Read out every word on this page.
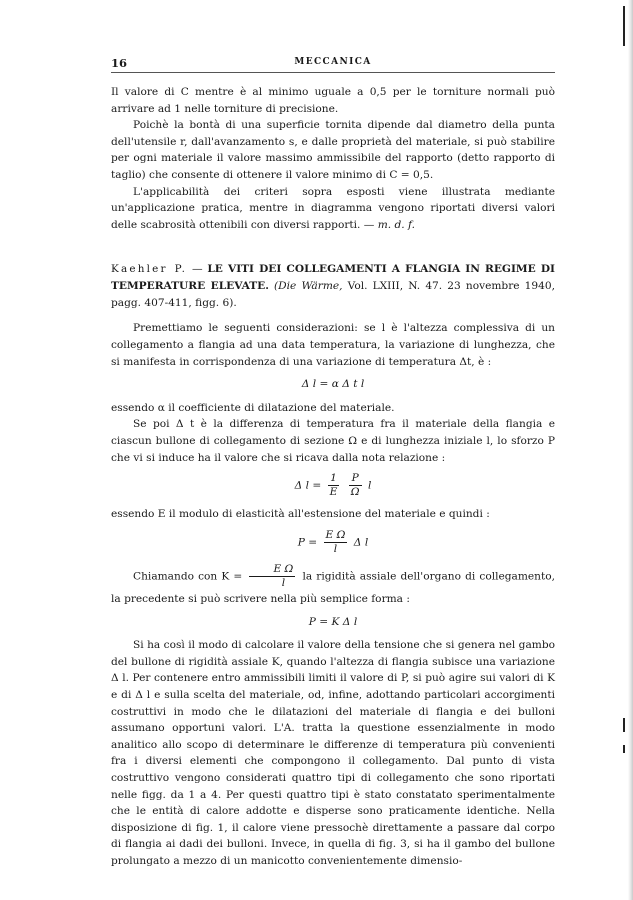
16	MECCANICA

Il valore di C mentre è al minimo uguale a 0,5 per le torniture normali può arrivare ad 1 nelle torniture di precisione.

Poichè la bontà di una superficie tornita dipende dal diametro della punta dell'utensile r, dall'avanzamento s, e dalle proprietà del materiale, si può stabilire per ogni materiale il valore massimo ammissibile del rapporto (detto rapporto di taglio) che consente di ottenere il valore minimo di C = 0,5.

L'applicabilità dei criteri sopra esposti viene illustrata mediante un'applicazione pratica, mentre in diagramma vengono riportati diversi valori delle scabrosità ottenibili con diversi rapporti. — m. d. f.

Kaehler P. — LE VITI DEI COLLEGAMENTI A FLANGIA IN REGIME DI TEMPERATURE ELEVATE. (Die Wärme, Vol. LXIII, N. 47. 23 novembre 1940, pagg. 407-411, figg. 6).

Premettiamo le seguenti considerazioni: se l è l'altezza complessiva di un collegamento a flangia ad una data temperatura, la variazione di lunghezza, che si manifesta in corrispondenza di una variazione di temperatura Δt, è :

Δ l = α Δ t l

essendo α il coefficiente di dilatazione del materiale.

Se poi Δ t è la differenza di temperatura fra il materiale della flangia e ciascun bullone di collegamento di sezione Ω e di lunghezza iniziale l, lo sforzo P che vi si induce ha il valore che si ricava dalla nota relazione :

Δ $l = \frac{1}{E}$
$\frac{P}{\Omega}$ l

essendo E il modulo di elasticità all'estensione del materiale e quindi :

$P = \frac{\text{E Ω}}{l}$ Δ l

Chiamando con $K = \frac{\text{E Ω}}{l}$ la rigidità assiale dell'organo di collegamento, la precedente si può scrivere nella più semplice forma :

P = K Δ l

Si ha così il modo di calcolare il valore della tensione che si genera nel gambo del bullone di rigidità assiale K, quando l'altezza di flangia subisce una variazione Δ l. Per contenere entro ammissibili limiti il valore di P, si può agire sui valori di K e di Δ l e sulla scelta del materiale, od, infine, adottando particolari accorgimenti costruttivi in modo che le dilatazioni del materiale di flangia e dei bulloni assumano opportuni valori. L'A. tratta la questione essenzialmente in modo analitico allo scopo di determinare le differenze di temperatura più convenienti fra i diversi elementi che compongono il collegamento. Dal punto di vista costruttivo vengono considerati quattro tipi di collegamento che sono riportati nelle figg. da 1 a 4. Per questi quattro tipi è stato constatato sperimentalmente che le entità di calore addotte e disperse sono praticamente identiche. Nella disposizione di fig. 1, il calore viene pressochè direttamente a passare dal corpo di flangia ai dadi dei bulloni. Invece, in quella di fig. 3, si ha il gambo del bullone prolungato a mezzo di un manicotto convenientemente dimensio-
